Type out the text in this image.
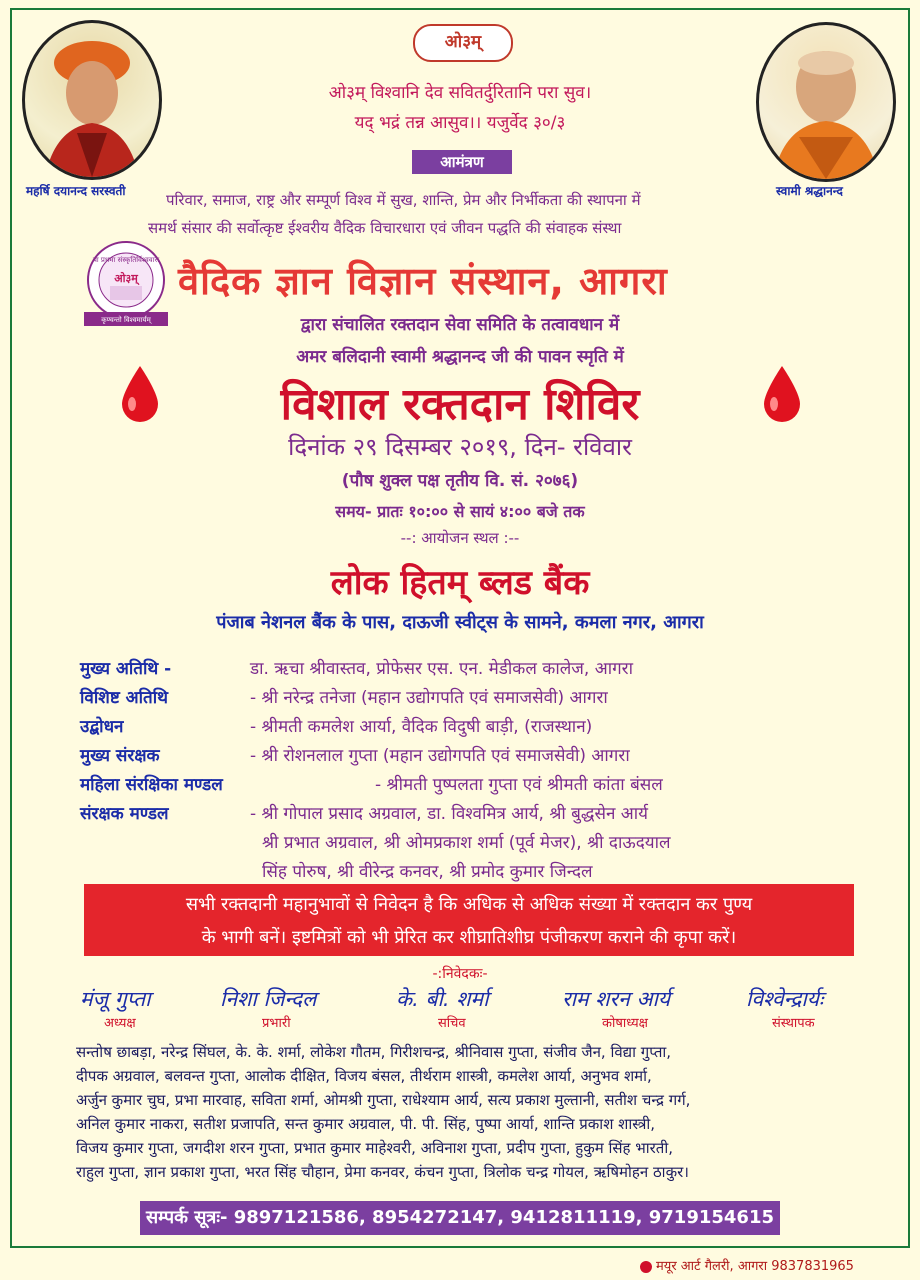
महर्षि दयानन्द सरस्वती	स्वामी श्रद्धानन्द
ओ३म्
ओ३म् विश्वानि देव सवितर्दुरितानि परा सुव।
यद् भद्रं तन्न आसुव।। यजुर्वेद ३०/३
आमंत्रण
परिवार, समाज, राष्ट्र और सम्पूर्ण विश्व में सुख, शान्ति, प्रेम और निर्भीकता की स्थापना में
समर्थ संसार की सर्वोत्कृष्ट ईश्वरीय वैदिक विचारधारा एवं जीवन पद्धति की संवाहक संस्था
या प्रथमा संस्कृतिर्विश्ववारा
ओ३म्
कृण्वन्तो विश्वमार्यम्
वैदिक ज्ञान विज्ञान संस्थान, आगरा
द्वारा संचालित रक्तदान सेवा समिति के तत्वावधान में
अमर बलिदानी स्वामी श्रद्धानन्द जी की पावन स्मृति में
विशाल रक्तदान शिविर
दिनांक २९ दिसम्बर २०१९, दिन- रविवार
(पौष शुक्ल पक्ष तृतीय वि. सं. २०७६)
समय- प्रातः १०:०० से सायं ४:०० बजे तक
--: आयोजन स्थल :--
लोक हितम् ब्लड बैंक
पंजाब नेशनल बैंक के पास, दाऊजी स्वीट्स के सामने, कमला नगर, आगरा
मुख्य अतिथि -	डा. ऋचा श्रीवास्तव, प्रोफेसर एस. एन. मेडीकल कालेज, आगरा
विशिष्ट अतिथि	- श्री नरेन्द्र तनेजा (महान उद्योगपति एवं समाजसेवी) आगरा
उद्बोधन	- श्रीमती कमलेश आर्या, वैदिक विदुषी बाड़ी, (राजस्थान)
मुख्य संरक्षक	- श्री रोशनलाल गुप्ता (महान उद्योगपति एवं समाजसेवी) आगरा
महिला संरक्षिका मण्डल	- श्रीमती पुष्पलता गुप्ता एवं श्रीमती कांता बंसल
संरक्षक मण्डल	- श्री गोपाल प्रसाद अग्रवाल, डा. विश्वमित्र आर्य, श्री बुद्धसेन आर्य
श्री प्रभात अग्रवाल, श्री ओमप्रकाश शर्मा (पूर्व मेजर), श्री दाऊदयाल
सिंह पोरुष, श्री वीरेन्द्र कनवर, श्री प्रमोद कुमार जिन्दल
सभी रक्तदानी महानुभावों से निवेदन है कि अधिक से अधिक संख्या में रक्तदान कर पुण्य
के भागी बनें। इष्टमित्रों को भी प्रेरित कर शीघ्रातिशीघ्र पंजीकरण कराने की कृपा करें।
-:निवेदकः-
मंजू गुप्ता
अध्यक्ष
निशा जिन्दल
प्रभारी
के. बी. शर्मा
सचिव
राम शरन आर्य
कोषाध्यक्ष
विश्वेन्द्रार्यः
संस्थापक
सन्तोष छाबड़ा, नरेन्द्र सिंघल, के. के. शर्मा, लोकेश गौतम, गिरीशचन्द्र, श्रीनिवास गुप्ता, संजीव जैन, विद्या गुप्ता,
दीपक अग्रवाल, बलवन्त गुप्ता, आलोक दीक्षित, विजय बंसल, तीर्थराम शास्त्री, कमलेश आर्या, अनुभव शर्मा,
अर्जुन कुमार चुघ, प्रभा मारवाह, सविता शर्मा, ओमश्री गुप्ता, राधेश्याम आर्य, सत्य प्रकाश मुल्तानी, सतीश चन्द्र गर्ग,
अनिल कुमार नाकरा, सतीश प्रजापति, सन्त कुमार अग्रवाल, पी. पी. सिंह, पुष्पा आर्या, शान्ति प्रकाश शास्त्री,
विजय कुमार गुप्ता, जगदीश शरन गुप्ता, प्रभात कुमार माहेश्वरी, अविनाश गुप्ता, प्रदीप गुप्ता, हुकुम सिंह भारती,
राहुल गुप्ता, ज्ञान प्रकाश गुप्ता, भरत सिंह चौहान, प्रेमा कनवर, कंचन गुप्ता, त्रिलोक चन्द्र गोयल, ऋषिमोहन ठाकुर।
सम्पर्क सूत्रः- 9897121586, 8954272147, 9412811119, 9719154615
मयूर आर्ट गैलरी, आगरा 9837831965
